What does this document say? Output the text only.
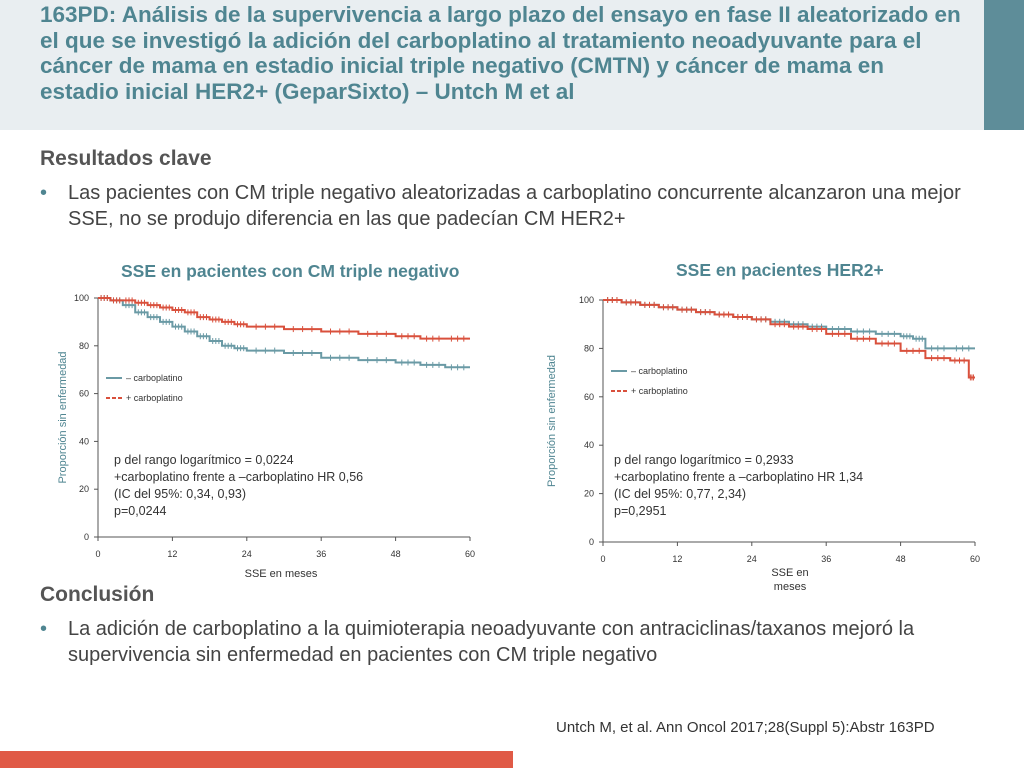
163PD: Análisis de la supervivencia a largo plazo del ensayo en fase II aleatorizado en el que se investigó la adición del carboplatino al tratamiento neoadyuvante para el cáncer de mama en estadio inicial triple negativo (CMTN) y cáncer de mama en estadio inicial HER2+ (GeparSixto) – Untch M et al
Resultados clave
• Las pacientes con CM triple negativo aleatorizadas a carboplatino concurrente alcanzaron una mejor SSE, no se produjo diferencia en las que padecían CM HER2+
SSE en pacientes con CM triple negativo	SSE en pacientes HER2+
0
20
40
60
80
100
0	12	24	36	48	60
Proporción sin enfermedad
SSE en meses
– carboplatino
+ carboplatino
p del rango logarítmico = 0,0224
+carboplatino frente a –carboplatino HR 0,56
(IC del 95%: 0,34, 0,93)
p=0,0244
0
20
40
60
80
100
0	12	24	36	48	60
Proporción sin enfermedad
SSE en meses
– carboplatino
+ carboplatino
p del rango logarítmico = 0,2933
+carboplatino frente a –carboplatino HR 1,34
(IC del 95%: 0,77, 2,34)
p=0,2951
Conclusión
• La adición de carboplatino a la quimioterapia neoadyuvante con antraciclinas/taxanos mejoró la supervivencia sin enfermedad en pacientes con CM triple negativo
Untch M, et al. Ann Oncol 2017;28(Suppl 5):Abstr 163PD
